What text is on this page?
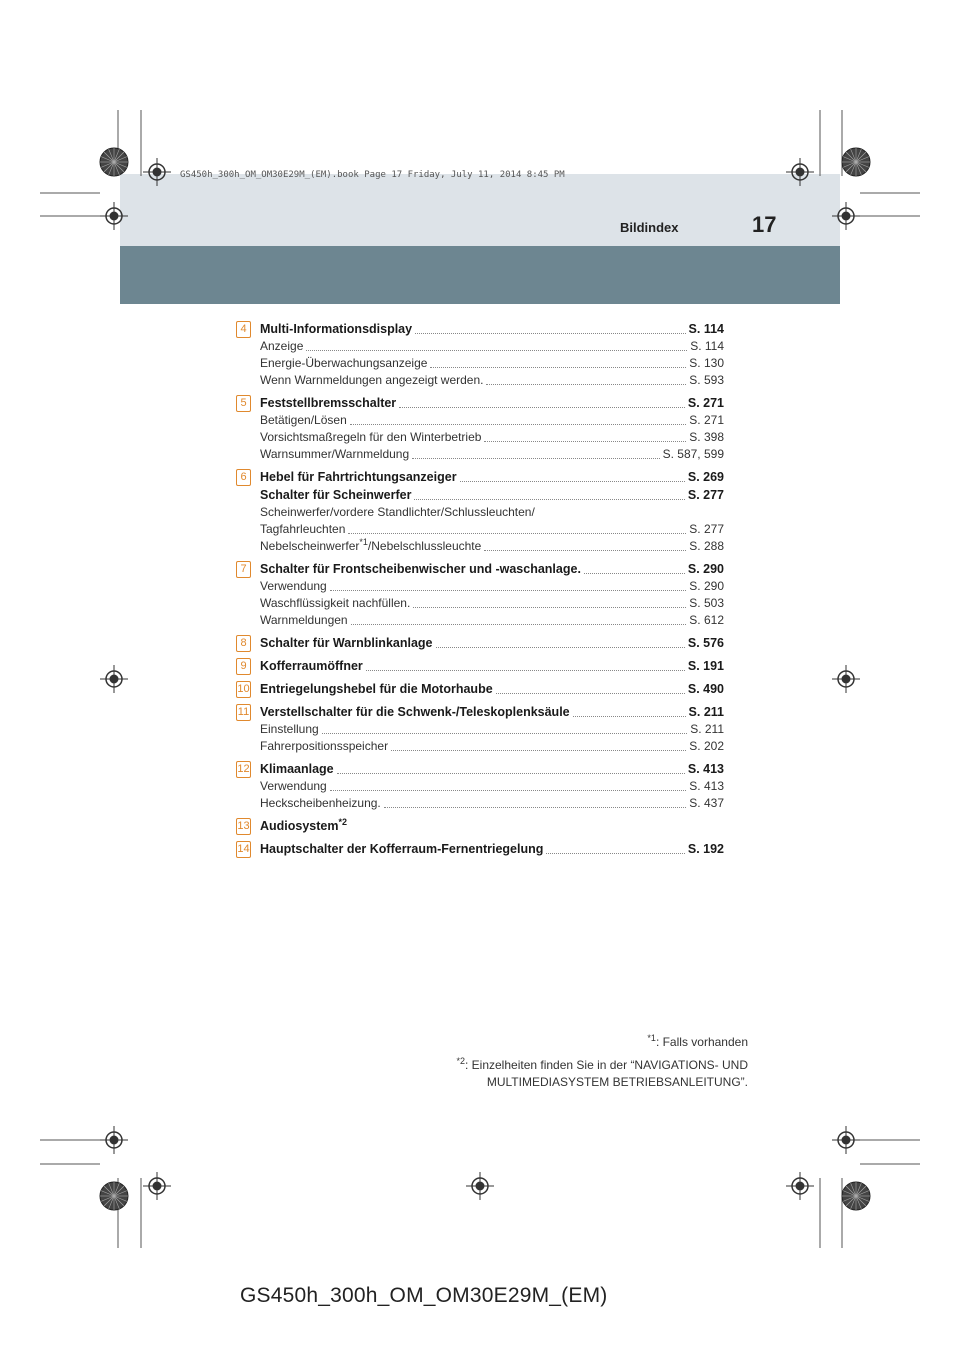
GS450h_300h_OM_OM30E29M_(EM).book Page 17 Friday, July 11, 2014 8:45 PM
Bildindex	17
4	Multi-Informationsdisplay	S. 114
Anzeige	S. 114
Energie-Überwachungsanzeige	S. 130
Wenn Warnmeldungen angezeigt werden.	S. 593
5	Feststellbremsschalter	S. 271
Betätigen/Lösen	S. 271
Vorsichtsmaßregeln für den Winterbetrieb	S. 398
Warnsummer/Warnmeldung	S. 587, 599
6	Hebel für Fahrtrichtungsanzeiger	S. 269
Schalter für Scheinwerfer	S. 277
Scheinwerfer/vordere Standlichter/Schlussleuchten/
Tagfahrleuchten	S. 277
Nebelscheinwerfer$^{*1}$/Nebelschlussleuchte	S. 288
7	Schalter für Frontscheibenwischer und -waschanlage.	S. 290
Verwendung	S. 290
Waschflüssigkeit nachfüllen.	S. 503
Warnmeldungen	S. 612
8	Schalter für Warnblinkanlage	S. 576
9	Kofferraumöffner	S. 191
10 Entriegelungshebel für die Motorhaube	S. 490
11 Verstellschalter für die Schwenk-/Teleskoplenksäule	S. 211
Einstellung	S. 211
Fahrerpositionsspeicher	S. 202
12 Klimaanlage	S. 413
Verwendung	S. 413
Heckscheibenheizung.	S. 437
13 Audiosystem$^{*2}$
14 Hauptschalter der Kofferraum-Fernentriegelung	S. 192
$^{*1}$: Falls vorhanden
$^{*2}$: Einzelheiten finden Sie in der “NAVIGATIONS- UND
MULTIMEDIASYSTEM BETRIEBSANLEITUNG”.
GS450h_300h_OM_OM30E29M_(EM)
